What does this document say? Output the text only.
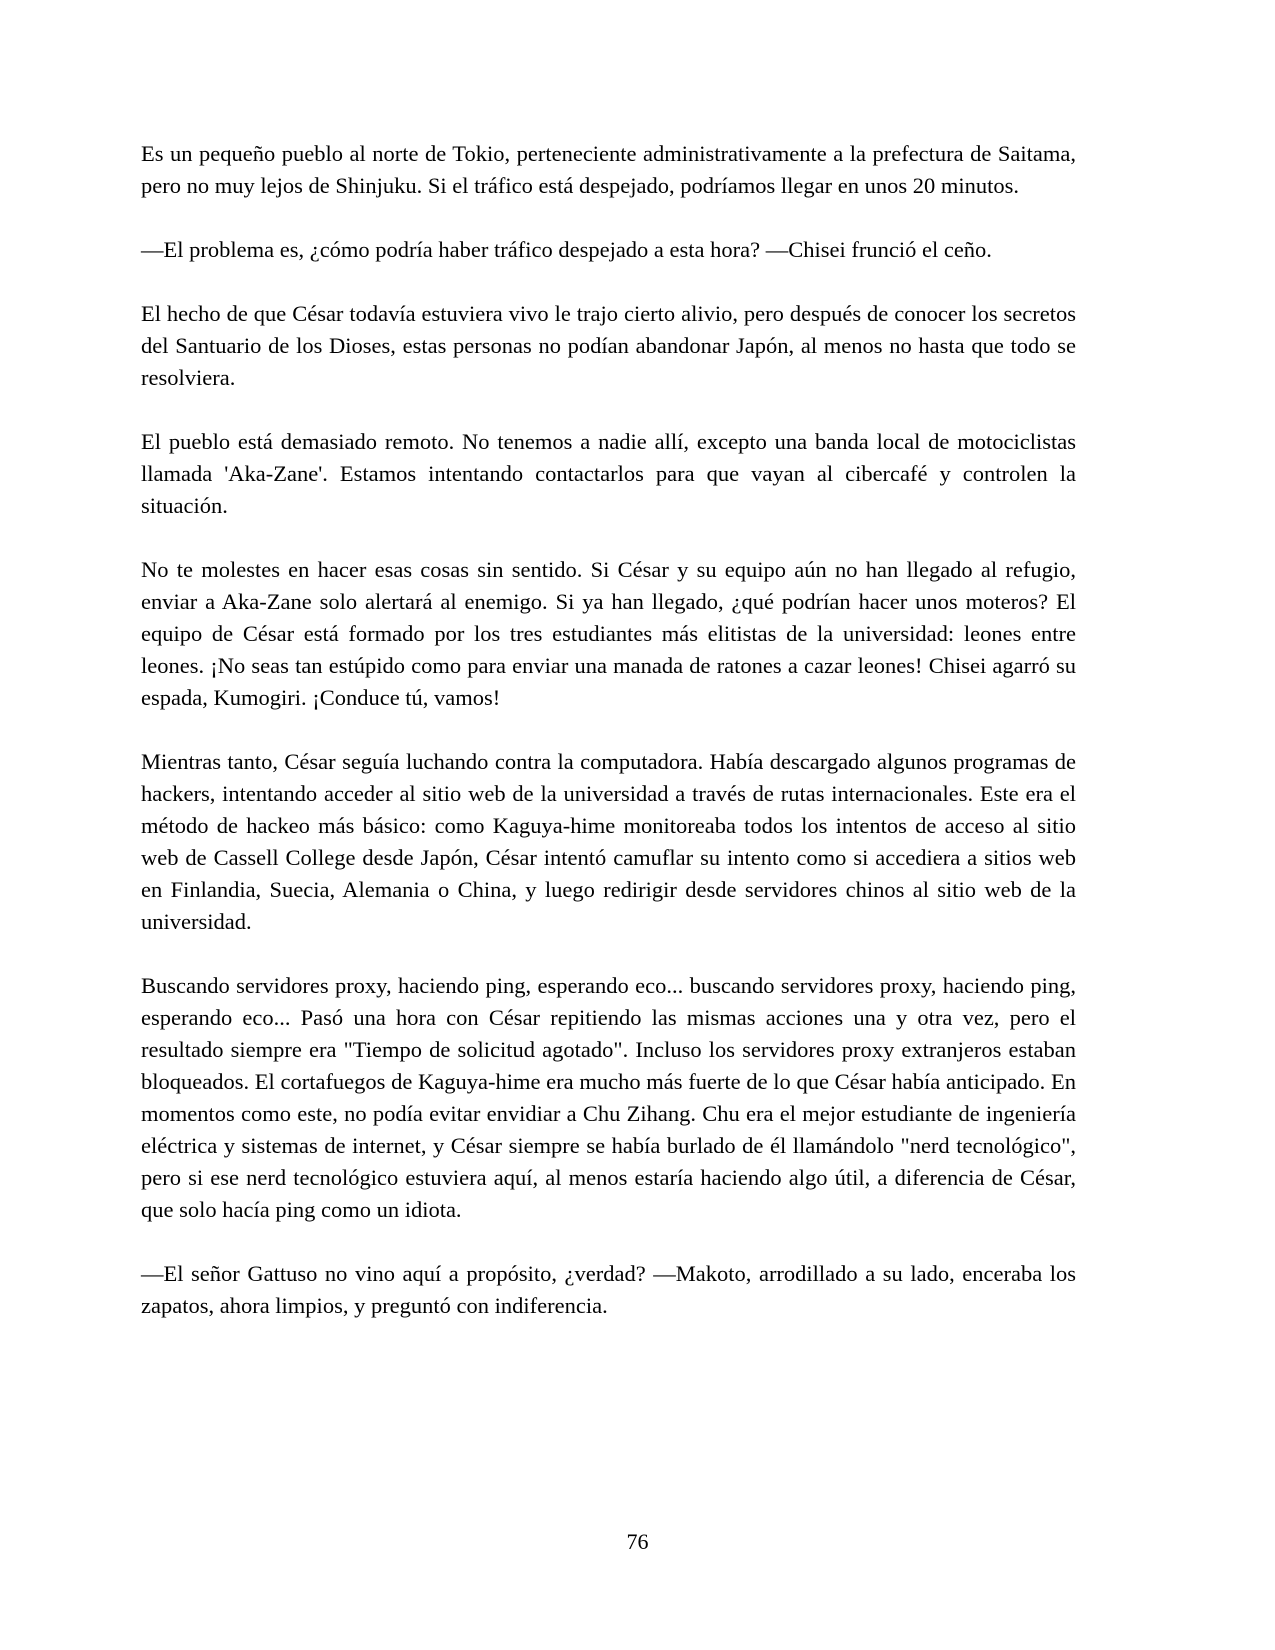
Es un pequeño pueblo al norte de Tokio, perteneciente administrativamente a la prefectura de Saitama, pero no muy lejos de Shinjuku. Si el tráfico está despejado, podríamos llegar en unos 20 minutos.

—El problema es, ¿cómo podría haber tráfico despejado a esta hora? —Chisei frunció el ceño.

El hecho de que César todavía estuviera vivo le trajo cierto alivio, pero después de conocer los secretos del Santuario de los Dioses, estas personas no podían abandonar Japón, al menos no hasta que todo se resolviera.

El pueblo está demasiado remoto. No tenemos a nadie allí, excepto una banda local de motociclistas llamada 'Aka-Zane'. Estamos intentando contactarlos para que vayan al cibercafé y controlen la situación.

No te molestes en hacer esas cosas sin sentido. Si César y su equipo aún no han llegado al refugio, enviar a Aka-Zane solo alertará al enemigo. Si ya han llegado, ¿qué podrían hacer unos moteros? El equipo de César está formado por los tres estudiantes más elitistas de la universidad: leones entre leones. ¡No seas tan estúpido como para enviar una manada de ratones a cazar leones! Chisei agarró su espada, Kumogiri. ¡Conduce tú, vamos!

Mientras tanto, César seguía luchando contra la computadora. Había descargado algunos programas de hackers, intentando acceder al sitio web de la universidad a través de rutas internacionales. Este era el método de hackeo más básico: como Kaguya-hime monitoreaba todos los intentos de acceso al sitio web de Cassell College desde Japón, César intentó camuflar su intento como si accediera a sitios web en Finlandia, Suecia, Alemania o China, y luego redirigir desde servidores chinos al sitio web de la universidad.

Buscando servidores proxy, haciendo ping, esperando eco... buscando servidores proxy, haciendo ping, esperando eco... Pasó una hora con César repitiendo las mismas acciones una y otra vez, pero el resultado siempre era "Tiempo de solicitud agotado". Incluso los servidores proxy extranjeros estaban bloqueados. El cortafuegos de Kaguya-hime era mucho más fuerte de lo que César había anticipado. En momentos como este, no podía evitar envidiar a Chu Zihang. Chu era el mejor estudiante de ingeniería eléctrica y sistemas de internet, y César siempre se había burlado de él llamándolo "nerd tecnológico", pero si ese nerd tecnológico estuviera aquí, al menos estaría haciendo algo útil, a diferencia de César, que solo hacía ping como un idiota.

—El señor Gattuso no vino aquí a propósito, ¿verdad? —Makoto, arrodillado a su lado, enceraba los zapatos, ahora limpios, y preguntó con indiferencia.

76
